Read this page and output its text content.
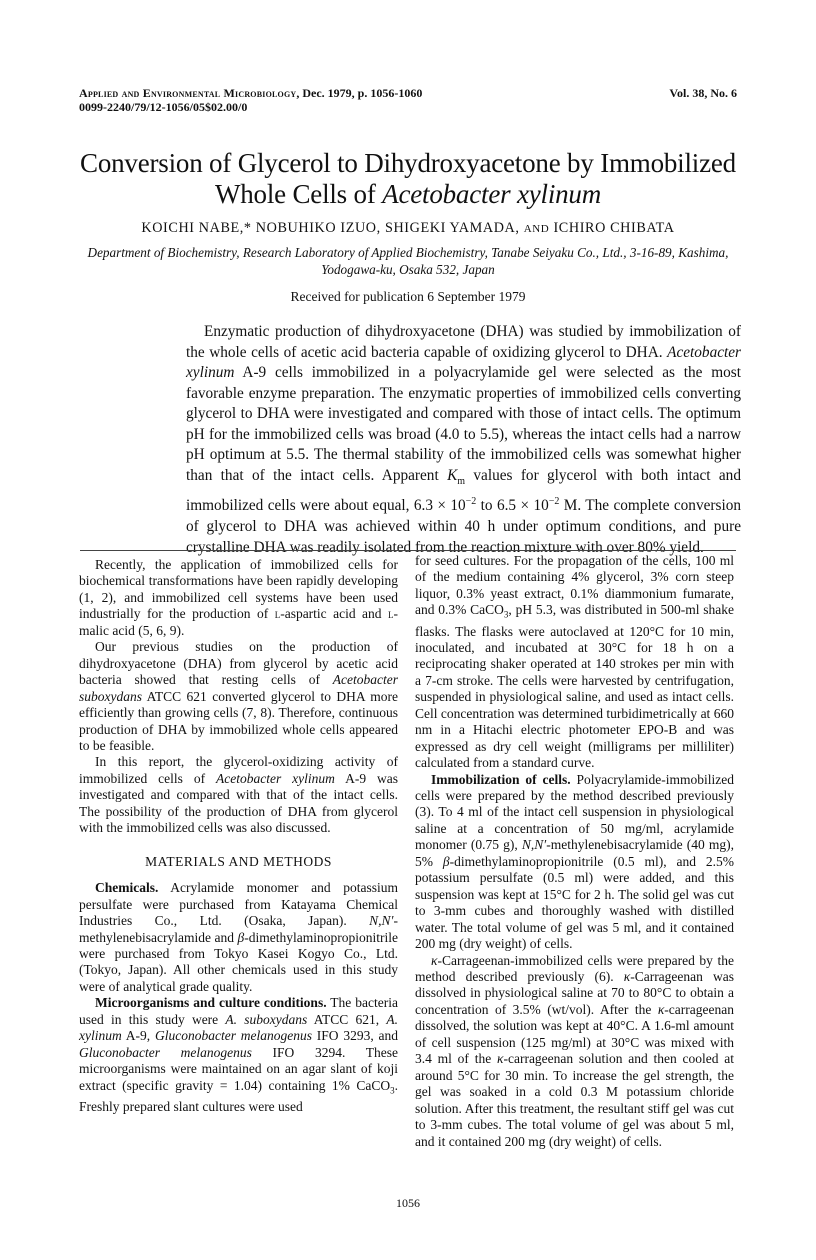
Applied and Environmental Microbiology, Dec. 1979, p. 1056-1060
0099-2240/79/12-1056/05$02.00/0
Vol. 38, No. 6
Conversion of Glycerol to Dihydroxyacetone by Immobilized
Whole Cells of Acetobacter xylinum
KOICHI NABE,* NOBUHIKO IZUO, SHIGEKI YAMADA, AND ICHIRO CHIBATA
Department of Biochemistry, Research Laboratory of Applied Biochemistry, Tanabe Seiyaku Co., Ltd., 3-16-89, Kashima, Yodogawa-ku, Osaka 532, Japan
Received for publication 6 September 1979
Enzymatic production of dihydroxyacetone (DHA) was studied by immobilization of the whole cells of acetic acid bacteria capable of oxidizing glycerol to DHA. Acetobacter xylinum A-9 cells immobilized in a polyacrylamide gel were selected as the most favorable enzyme preparation. The enzymatic properties of immobilized cells converting glycerol to DHA were investigated and compared with those of intact cells. The optimum pH for the immobilized cells was broad (4.0 to 5.5), whereas the intact cells had a narrow pH optimum at 5.5. The thermal stability of the immobilized cells was somewhat higher than that of the intact cells. Apparent $K_m$ values for glycerol with both intact and immobilized cells were about equal, $6.3 \times 10^{-2}$ to $6.5 \times 10^{-2}$ M. The complete conversion of glycerol to DHA was achieved within 40 h under optimum conditions, and pure crystalline DHA was readily isolated from the reaction mixture with over 80% yield.

Recently, the application of immobilized cells for biochemical transformations have been rapidly developing (1, 2), and immobilized cell systems have been used industrially for the production of l-aspartic acid and l-malic acid (5, 6, 9).

Our previous studies on the production of dihydroxyacetone (DHA) from glycerol by acetic acid bacteria showed that resting cells of Acetobacter suboxydans ATCC 621 converted glycerol to DHA more efficiently than growing cells (7, 8). Therefore, continuous production of DHA by immobilized whole cells appeared to be feasible.

In this report, the glycerol-oxidizing activity of immobilized cells of Acetobacter xylinum A-9 was investigated and compared with that of the intact cells. The possibility of the production of DHA from glycerol with the immobilized cells was also discussed.

MATERIALS AND METHODS

Chemicals. Acrylamide monomer and potassium persulfate were purchased from Katayama Chemical Industries Co., Ltd. (Osaka, Japan). N,N′-methylenebisacrylamide and β-dimethylaminopropionitrile were purchased from Tokyo Kasei Kogyo Co., Ltd. (Tokyo, Japan). All other chemicals used in this study were of analytical grade quality.

Microorganisms and culture conditions. The bacteria used in this study were A. suboxydans ATCC 621, A. xylinum A-9, Gluconobacter melanogenus IFO 3293, and Gluconobacter melanogenus IFO 3294. These microorganisms were maintained on an agar slant of koji extract (specific gravity = 1.04) containing 1% CaCO$_3$. Freshly prepared slant cultures were used

for seed cultures. For the propagation of the cells, 100 ml of the medium containing 4% glycerol, 3% corn steep liquor, 0.3% yeast extract, 0.1% diammonium fumarate, and 0.3% CaCO$_3$, pH 5.3, was distributed in 500-ml shake flasks. The flasks were autoclaved at 120°C for 10 min, inoculated, and incubated at 30°C for 18 h on a reciprocating shaker operated at 140 strokes per min with a 7-cm stroke. The cells were harvested by centrifugation, suspended in physiological saline, and used as intact cells. Cell concentration was determined turbidimetrically at 660 nm in a Hitachi electric photometer EPO-B and was expressed as dry cell weight (milligrams per milliliter) calculated from a standard curve.

Immobilization of cells. Polyacrylamide-immobilized cells were prepared by the method described previously (3). To 4 ml of the intact cell suspension in physiological saline at a concentration of 50 mg/ml, acrylamide monomer (0.75 g), N,N′-methylenebisacrylamide (40 mg), 5% β-dimethylaminopropionitrile (0.5 ml), and 2.5% potassium persulfate (0.5 ml) were added, and this suspension was kept at 15°C for 2 h. The solid gel was cut to 3-mm cubes and thoroughly washed with distilled water. The total volume of gel was 5 ml, and it contained 200 mg (dry weight) of cells.

κ-Carrageenan-immobilized cells were prepared by the method described previously (6). κ-Carrageenan was dissolved in physiological saline at 70 to 80°C to obtain a concentration of 3.5% (wt/vol). After the κ-carrageenan dissolved, the solution was kept at 40°C. A 1.6-ml amount of cell suspension (125 mg/ml) at 30°C was mixed with 3.4 ml of the κ-carrageenan solution and then cooled at around 5°C for 30 min. To increase the gel strength, the gel was soaked in a cold 0.3 M potassium chloride solution. After this treatment, the resultant stiff gel was cut to 3-mm cubes. The total volume of gel was about 5 ml, and it contained 200 mg (dry weight) of cells.

1056
